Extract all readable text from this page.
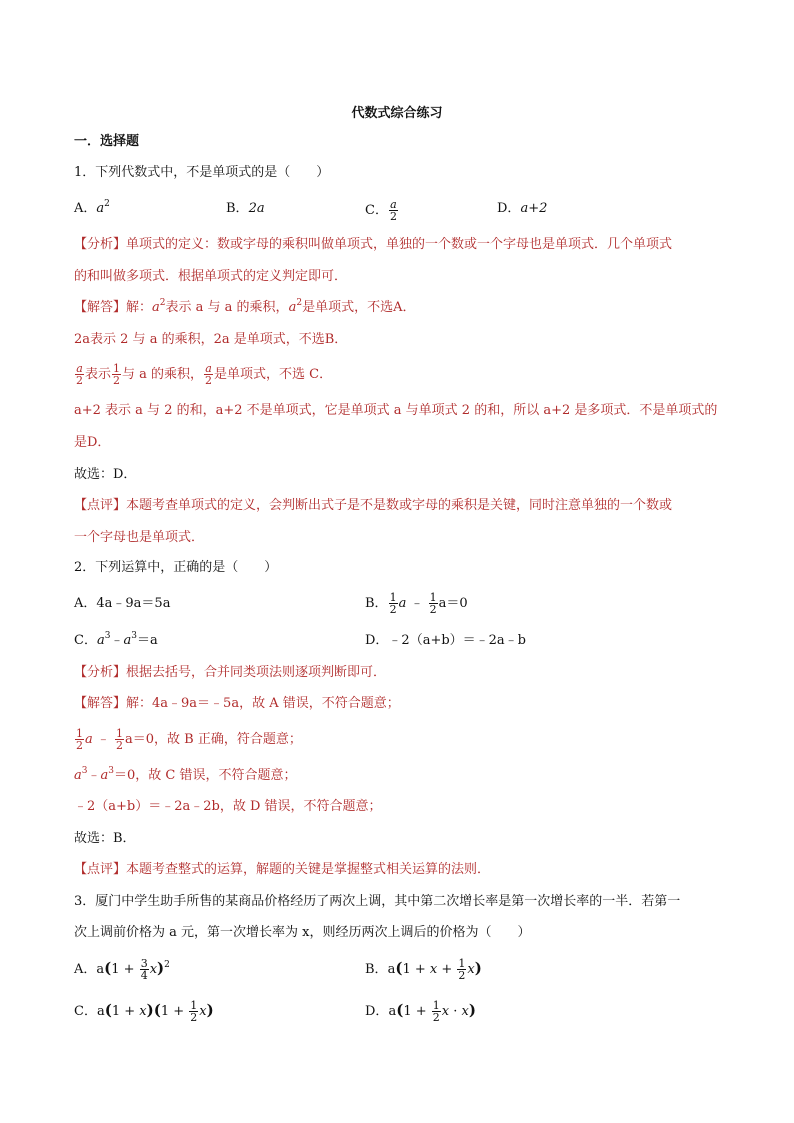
代数式综合练习
一．选择题
1．下列代数式中，不是单项式的是（　　）
A．$a^2$	B．2a	C． $\frac{a}{2}$	D．a+2
【分析】单项式的定义：数或字母的乘积叫做单项式，单独的一个数或一个字母也是单项式．几个单项式
的和叫做多项式．根据单项式的定义判定即可．
【解答】解：$a^2$表示 a 与 a 的乘积，$a^2$是单项式，不选A．
2a表示 2 与 a 的乘积，2a 是单项式，不选B．
$\frac{a}{2}$ 表示 $\frac{1}{2}$ 与 a 的乘积， $\frac{a}{2}$ 是单项式，不选 C．
a+2 表示 a 与 2 的和，a+2 不是单项式，它是单项式 a 与单项式 2 的和，所以 a+2 是多项式．不是单项式的
是D．
故选：D．
【点评】本题考查单项式的定义，会判断出式子是不是数或字母的乘积是关键，同时注意单独的一个数或
一个字母也是单项式．
2．下列运算中，正确的是（　　）
A．4a﹣9a＝5a	B． $\frac{1}{2}$ a ﹣ $\frac{1}{2} a=0$
C．$a^3﹣a^3=a$	D．﹣2（a+b）＝﹣2a﹣b
【分析】根据去括号，合并同类项法则逐项判断即可．
【解答】解：4a﹣9a＝﹣5a，故 A 错误，不符合题意；
$\frac{1}{2}$ a ﹣ $\frac{1}{2} a=0$，故 B 正确，符合题意；
$a^3﹣a^3=0$，故 C 错误，不符合题意；
﹣2（a+b）＝﹣2a﹣2b，故 D 错误，不符合题意；
故选：B．
【点评】本题考查整式的运算，解题的关键是掌握整式相关运算的法则．
3．厦门中学生助手所售的某商品价格经历了两次上调，其中第二次增长率是第一次增长率的一半．若第一
次上调前价格为 a 元，第一次增长率为 x，则经历两次上调后的价格为（　　）
A．$a(1 + \frac{3}{4} x)^2$	B．$a(1 + x + \frac{1}{2} x)$
C．$a(1 + x)(1 + \frac{1}{2} x)$	D．$a(1 + \frac{1}{2}$ x · x)
